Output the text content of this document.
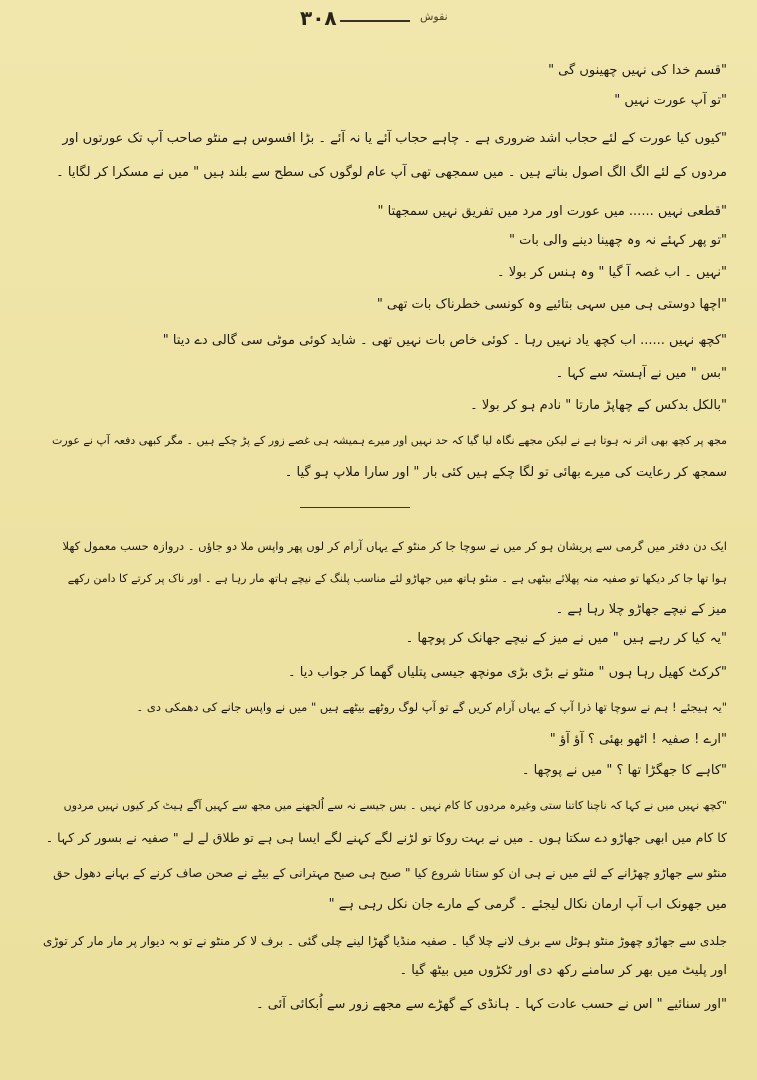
نقوش
٣٠٨
"قسم خدا کی نہیں چھینوں گی "
"تو آپ عورت نہیں "
"کیوں کیا عورت کے لئے حجاب اشد ضروری ہے ۔ چاہے حجاب آئے یا نہ آئے ۔ بڑا افسوس ہے منٹو صاحب آپ تک عورتوں اور
مردوں کے لئے الگ الگ اصول بناتے ہیں ۔ میں سمجھی تھی آپ عام لوگوں کی سطح سے بلند ہیں " میں نے مسکرا کر لگایا ۔
"قطعی نہیں ...... میں عورت اور مرد میں تفریق نہیں سمجھتا "
"تو پھر کہئے نہ وہ چھینا دینے والی بات "
"نہیں ۔ اب غصہ آ گیا " وہ ہنس کر بولا ۔
"اچھا دوستی ہی میں سہی بتائیے وہ کونسی خطرناک بات تھی "
"کچھ نہیں ...... اب کچھ یاد نہیں رہا ۔ کوئی خاص بات نہیں تھی ۔ شاید کوئی موٹی سی گالی دے دیتا "
"بس " میں نے آہستہ سے کہا ۔
"بالکل بدکس کے چھاپڑ مارتا " نادم ہو کر بولا ۔
مجھ پر کچھ بھی اثر نہ ہوتا ہے نے لیکن مجھے نگاہ لیا گیا کہ حد نہیں اور میرے ہمیشہ ہی غصے زور کے پڑ چکے ہیں ۔ مگر کبھی دفعہ آپ نے عورت
سمجھ کر رعایت کی میرے بھائی تو لگا چکے ہیں کئی بار " اور سارا ملاپ ہو گیا ۔
ایک دن دفتر میں گرمی سے پریشان ہو کر میں نے سوچا جا کر منٹو کے یہاں آرام کر لوں پھر واپس ملا دو جاؤں ۔ دروازہ حسب معمول کھلا
ہوا تھا جا کر دیکھا تو صفیہ منہ پھلائے بیٹھی ہے ۔ منٹو ہاتھ میں جھاڑو لئے مناسب پلنگ کے نیچے ہاتھ مار رہا ہے ۔ اور ناک پر کرتے کا دامن رکھے
میز کے نیچے جھاڑو چلا رہا ہے ۔
"یہ کیا کر رہے ہیں " میں نے میز کے نیچے جھانک کر پوچھا ۔
"کرکٹ کھیل رہا ہوں " منٹو نے بڑی بڑی مونچھ جیسی پتلیاں گھما کر جواب دیا ۔
"یہ ہیجئے ! ہم نے سوچا تھا ذرا آپ کے یہاں آرام کریں گے تو آپ لوگ روٹھے بیٹھے ہیں " میں نے واپس جانے کی دھمکی دی ۔
"ارے ! صفیہ ! اٹھو بھئی ؟ آؤ آؤ "
"کاہے کا جھگڑا تھا ؟ " میں نے پوچھا ۔
"کچھ نہیں میں نے کہا کہ ناچنا کاتنا ستی وغیرہ مردوں کا کام نہیں ۔ بس جیسے نہ سے اُلجھنے میں مجھ سے کہیں آگے ہیٹ کر کیوں نہیں مردوں
کا کام میں ابھی جھاڑو دے سکتا ہوں ۔ میں نے بہت روکا تو لڑنے لگے کہنے لگے ایسا ہی ہے تو طلاق لے لے " صفیہ نے بسور کر کہا ۔
منٹو سے جھاڑو چھڑانے کے لئے میں نے ہی ان کو ستانا شروع کیا " صبح ہی صبح مہترانی کے بیٹے نے صحن صاف کرنے کے بہانے دھول حق
میں جھونک اب آپ ارمان نکال لیجئے ۔ گرمی کے مارے جان نکل رہی ہے "
جلدی سے جھاڑو چھوڑ منٹو ہوٹل سے برف لانے چلا گیا ۔ صفیہ منڈیا گھڑا لینے چلی گئی ۔ برف لا کر منٹو نے تو بہ دیوار پر مار مار کر توڑی
اور پلیٹ میں بھر کر سامنے رکھ دی اور ٹکڑوں میں بیٹھ گیا ۔
"اور سنائیے " اس نے حسب عادت کہا ۔ ہانڈی کے گھڑے سے مجھے زور سے اُبکائی آئی ۔
